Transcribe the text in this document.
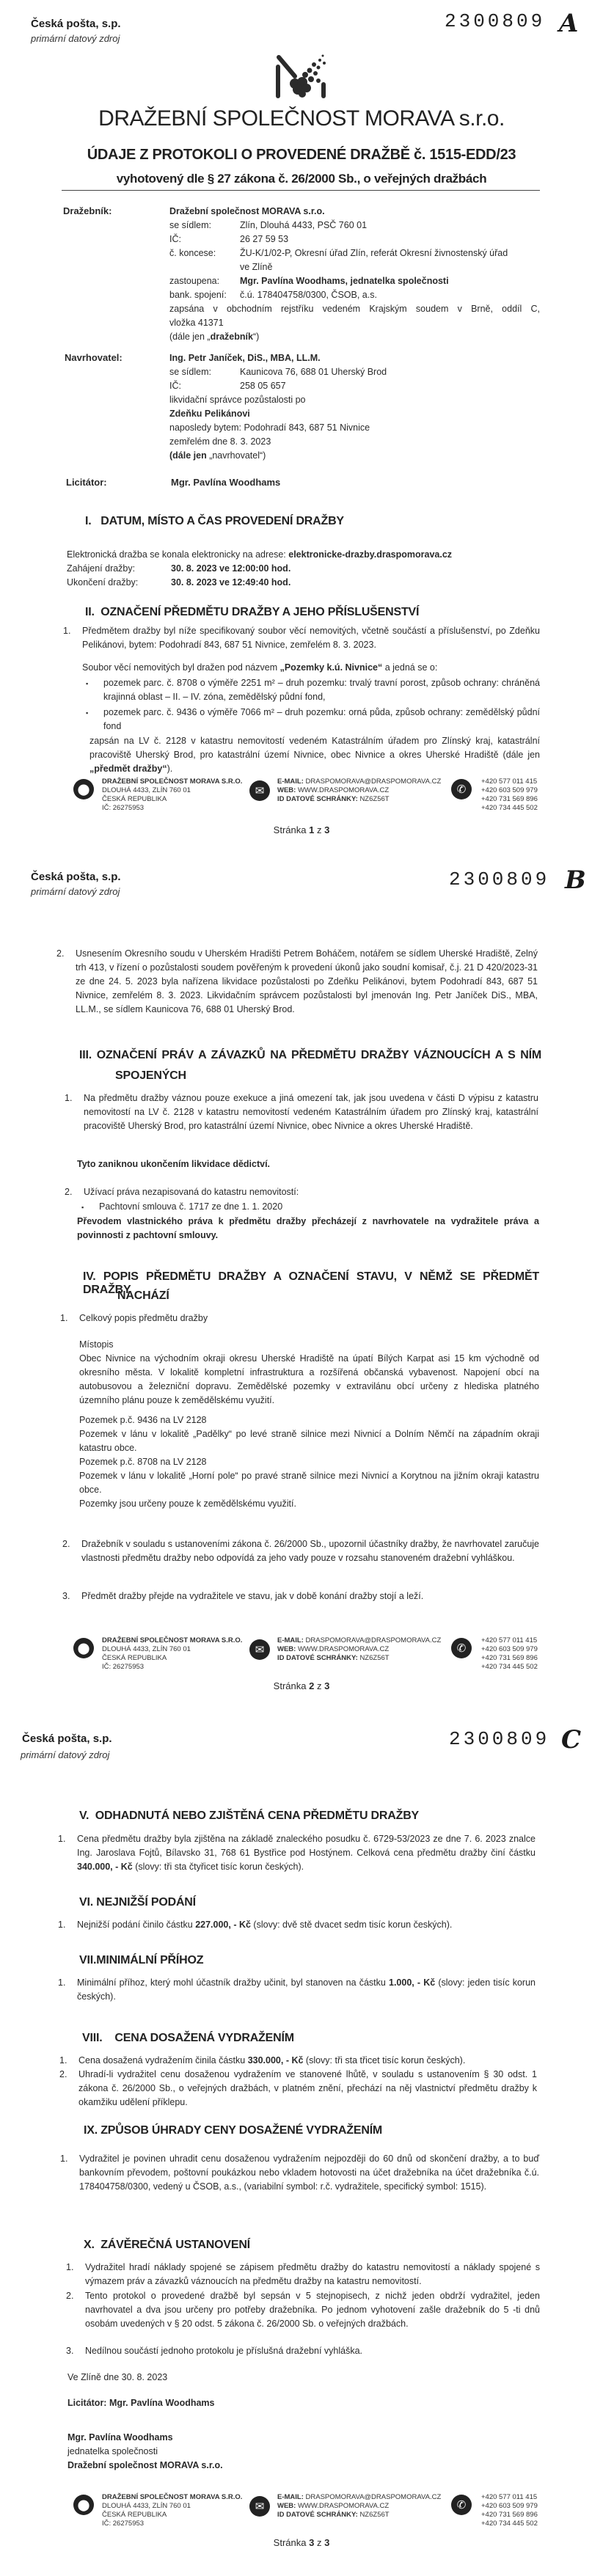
Česká pošta, s.p.
primární datový zdroj
2300809 A
DRAŽEBNÍ SPOLEČNOST MORAVA s.r.o.
ÚDAJE Z PROTOKOLI O PROVEDENÉ DRAŽBĚ č. 1515-EDD/23
vyhotovený dle § 27 zákona č. 26/2000 Sb., o veřejných dražbách
Dražebník:	Dražební společnost MORAVA s.r.o.
se sídlem:	Zlín, Dlouhá 4433, PSČ 760 01
IČ:	26 27 59 53
č. koncese:	ŽU-K/1/02-P, Okresní úřad Zlín, referát Okresní živnostenský úřad
ve Zlíně
zastoupena: Mgr. Pavlína Woodhams, jednatelka společnosti
bank. spojení: č.ú. 178404758/0300, ČSOB, a.s.
zapsána v obchodním rejstříku vedeném Krajským soudem v Brně, oddíl C,
vložka 41371
(dále jen „dražebník“)
Navrhovatel:	Ing. Petr Janíček, DiS., MBA, LL.M.
se sídlem:	Kaunicova 76, 688 01 Uherský Brod
IČ:	258 05 657
likvidační správce pozůstalosti po
Zdeňku Pelikánovi
naposledy bytem: Podohradí 843, 687 51 Nivnice
zemřelém dne 8. 3. 2023
(dále jen „navrhovatel“)
Licitátor:	Mgr. Pavlína Woodhams
I.   DATUM, MÍSTO A ČAS PROVEDENÍ DRAŽBY
Elektronická dražba se konala elektronicky na adrese: elektronicke-drazby.draspomorava.cz
Zahájení dražby:	30. 8. 2023 ve 12:00:00 hod.
Ukončení dražby:	30. 8. 2023 ve 12:49:40 hod.
II.  OZNAČENÍ PŘEDMĚTU DRAŽBY A JEHO PŘÍSLUŠENSTVÍ
1. Předmětem dražby byl níže specifikovaný soubor věcí nemovitých, včetně součástí a příslušenství, po Zdeňku Pelikánovi, bytem: Podohradí 843, 687 51 Nivnice, zemřelém 8. 3. 2023.
Soubor věcí nemovitých byl dražen pod názvem „Pozemky k.ú. Nivnice“ a jedná se o:
▪ pozemek parc. č. 8708 o výměře 2251 m² – druh pozemku: trvalý travní porost, způsob ochrany: chráněná krajinná oblast – II. – IV. zóna, zemědělský půdní fond,
▪ pozemek parc. č. 9436 o výměře 7066 m² – druh pozemku: orná půda, způsob ochrany: zemědělský půdní fond
zapsán na LV č. 2128 v katastru nemovitostí vedeném Katastrálním úřadem pro Zlínský kraj, katastrální pracoviště Uherský Brod, pro katastrální území Nivnice, obec Nivnice a okres Uherské Hradiště (dále jen „předmět dražby“).
⬤
DRAŽEBNÍ SPOLEČNOST MORAVA S.R.O.
DLOUHÁ 4433, ZLÍN 760 01
ČESKÁ REPUBLIKA
IČ: 26275953
✉
E-MAIL: DRASPOMORAVA@DRASPOMORAVA.CZ
WEB: WWW.DRASPOMORAVA.CZ
ID DATOVÉ SCHRÁNKY: NZ6Z56T
✆
+420 577 011 415
+420 603 509 979
+420 731 569 896
+420 734 445 502
Stránka 1 z 3
Česká pošta, s.p.
primární datový zdroj
2300809 B
2. Usnesením Okresního soudu v Uherském Hradišti Petrem Boháčem, notářem se sídlem Uherské Hradiště, Zelný trh 413, v řízení o pozůstalosti soudem pověřeným k provedení úkonů jako soudní komisař, č.j. 21 D 420/2023-31 ze dne 24. 5. 2023 byla nařízena likvidace pozůstalosti po Zdeňku Pelikánovi, bytem Podohradí 843, 687 51 Nivnice, zemřelém 8. 3. 2023. Likvidačním správcem pozůstalosti byl jmenován Ing. Petr Janíček DiS., MBA, LL.M., se sídlem Kaunicova 76, 688 01 Uherský Brod.
III. OZNAČENÍ PRÁV A ZÁVAZKŮ NA PŘEDMĚTU DRAŽBY VÁZNOUCÍCH A S NÍM
SPOJENÝCH
1. Na předmětu dražby váznou pouze exekuce a jiná omezení tak, jak jsou uvedena v části D výpisu z katastru nemovitostí na LV č. 2128 v katastru nemovitostí vedeném Katastrálním úřadem pro Zlínský kraj, katastrální pracoviště Uherský Brod, pro katastrální území Nivnice, obec Nivnice a okres Uherské Hradiště.
Tyto zaniknou ukončením likvidace dědictví.
2. Užívací práva nezapisovaná do katastru nemovitostí:
▪ Pachtovní smlouva č. 1717 ze dne 1. 1. 2020
Převodem vlastnického práva k předmětu dražby přecházejí z navrhovatele na vydražitele práva a povinnosti z pachtovní smlouvy.
IV. POPIS PŘEDMĚTU DRAŽBY A OZNAČENÍ STAVU, V NĚMŽ SE PŘEDMĚT DRAŽBY
NACHÁZÍ
1. Celkový popis předmětu dražby
Místopis
Obec Nivnice na východním okraji okresu Uherské Hradiště na úpatí Bílých Karpat asi 15 km východně od okresního města. V lokalitě kompletní infrastruktura a rozšířená občanská vybavenost. Napojení obcí na autobusovou a železniční dopravu. Zemědělské pozemky v extravilánu obcí určeny z hlediska platného územního plánu pouze k zemědělskému využití.
Pozemek p.č. 9436 na LV 2128
Pozemek v lánu v lokalitě „Padělky“ po levé straně silnice mezi Nivnicí a Dolním Němčí na západním okraji katastru obce.
Pozemek p.č. 8708 na LV 2128
Pozemek v lánu v lokalitě „Horní pole“ po pravé straně silnice mezi Nivnicí a Korytnou na jižním okraji katastru obce.
Pozemky jsou určeny pouze k zemědělskému využití.
2. Dražebník v souladu s ustanoveními zákona č. 26/2000 Sb., upozornil účastníky dražby, že navrhovatel zaručuje vlastnosti předmětu dražby nebo odpovídá za jeho vady pouze v rozsahu stanoveném dražební vyhláškou.
3. Předmět dražby přejde na vydražitele ve stavu, jak v době konání dražby stojí a leží.
⬤
DRAŽEBNÍ SPOLEČNOST MORAVA S.R.O.
DLOUHÁ 4433, ZLÍN 760 01
ČESKÁ REPUBLIKA
IČ: 26275953
✉
E-MAIL: DRASPOMORAVA@DRASPOMORAVA.CZ
WEB: WWW.DRASPOMORAVA.CZ
ID DATOVÉ SCHRÁNKY: NZ6Z56T
✆
+420 577 011 415
+420 603 509 979
+420 731 569 896
+420 734 445 502
Stránka 2 z 3
Česká pošta, s.p.
primární datový zdroj
2300809 C
V.  ODHADNUTÁ NEBO ZJIŠTĚNÁ CENA PŘEDMĚTU DRAŽBY
1. Cena předmětu dražby byla zjištěna na základě znaleckého posudku č. 6729-53/2023 ze dne 7. 6. 2023 znalce Ing. Jaroslava Fojtů, Bílavsko 31, 768 61 Bystřice pod Hostýnem. Celková cena předmětu dražby činí částku 340.000, - Kč (slovy: tři sta čtyřicet tisíc korun českých).
VI. NEJNIŽŠÍ PODÁNÍ
1. Nejnižší podání činilo částku 227.000, - Kč (slovy: dvě stě dvacet sedm tisíc korun českých).
VII.MINIMÁLNÍ PŘÍHOZ
1. Minimální příhoz, který mohl účastník dražby učinit, byl stanoven na částku 1.000, - Kč (slovy: jeden tisíc korun českých).
VIII.    CENA DOSAŽENÁ VYDRAŽENÍM
1. Cena dosažená vydražením činila částku 330.000, - Kč (slovy: tři sta třicet tisíc korun českých).
2. Uhradí-li vydražitel cenu dosaženou vydražením ve stanovené lhůtě, v souladu s ustanovením § 30 odst. 1 zákona č. 26/2000 Sb., o veřejných dražbách, v platném znění, přechází na něj vlastnictví předmětu dražby k okamžiku udělení příklepu.
IX. ZPŮSOB ÚHRADY CENY DOSAŽENÉ VYDRAŽENÍM
1. Vydražitel je povinen uhradit cenu dosaženou vydražením nejpozději do 60 dnů od skončení dražby, a to buď bankovním převodem, poštovní poukázkou nebo vkladem hotovosti na účet dražebníka na účet dražebníka č.ú. 178404758/0300, vedený u ČSOB, a.s., (variabilní symbol: r.č. vydražitele, specifický symbol: 1515).
X.  ZÁVĚREČNÁ USTANOVENÍ
1. Vydražitel hradí náklady spojené se zápisem předmětu dražby do katastru nemovitostí a náklady spojené s výmazem práv a závazků váznoucích na předmětu dražby na katastru nemovitostí.
2. Tento protokol o provedené dražbě byl sepsán v 5 stejnopisech, z nichž jeden obdrží vydražitel, jeden navrhovatel a dva jsou určeny pro potřeby dražebníka. Po jednom vyhotovení zašle dražebník do 5 -ti dnů osobám uvedených v § 20 odst. 5 zákona č. 26/2000 Sb. o veřejných dražbách.
3. Nedílnou součástí jednoho protokolu je příslušná dražební vyhláška.
Ve Zlíně dne 30. 8. 2023
Licitátor: Mgr. Pavlína Woodhams
Mgr. Pavlína Woodhams
jednatelka společnosti
Dražební společnost MORAVA s.r.o.
⬤
DRAŽEBNÍ SPOLEČNOST MORAVA S.R.O.
DLOUHÁ 4433, ZLÍN 760 01
ČESKÁ REPUBLIKA
IČ: 26275953
✉
E-MAIL: DRASPOMORAVA@DRASPOMORAVA.CZ
WEB: WWW.DRASPOMORAVA.CZ
ID DATOVÉ SCHRÁNKY: NZ6Z56T
✆
+420 577 011 415
+420 603 509 979
+420 731 569 896
+420 734 445 502
Stránka 3 z 3
